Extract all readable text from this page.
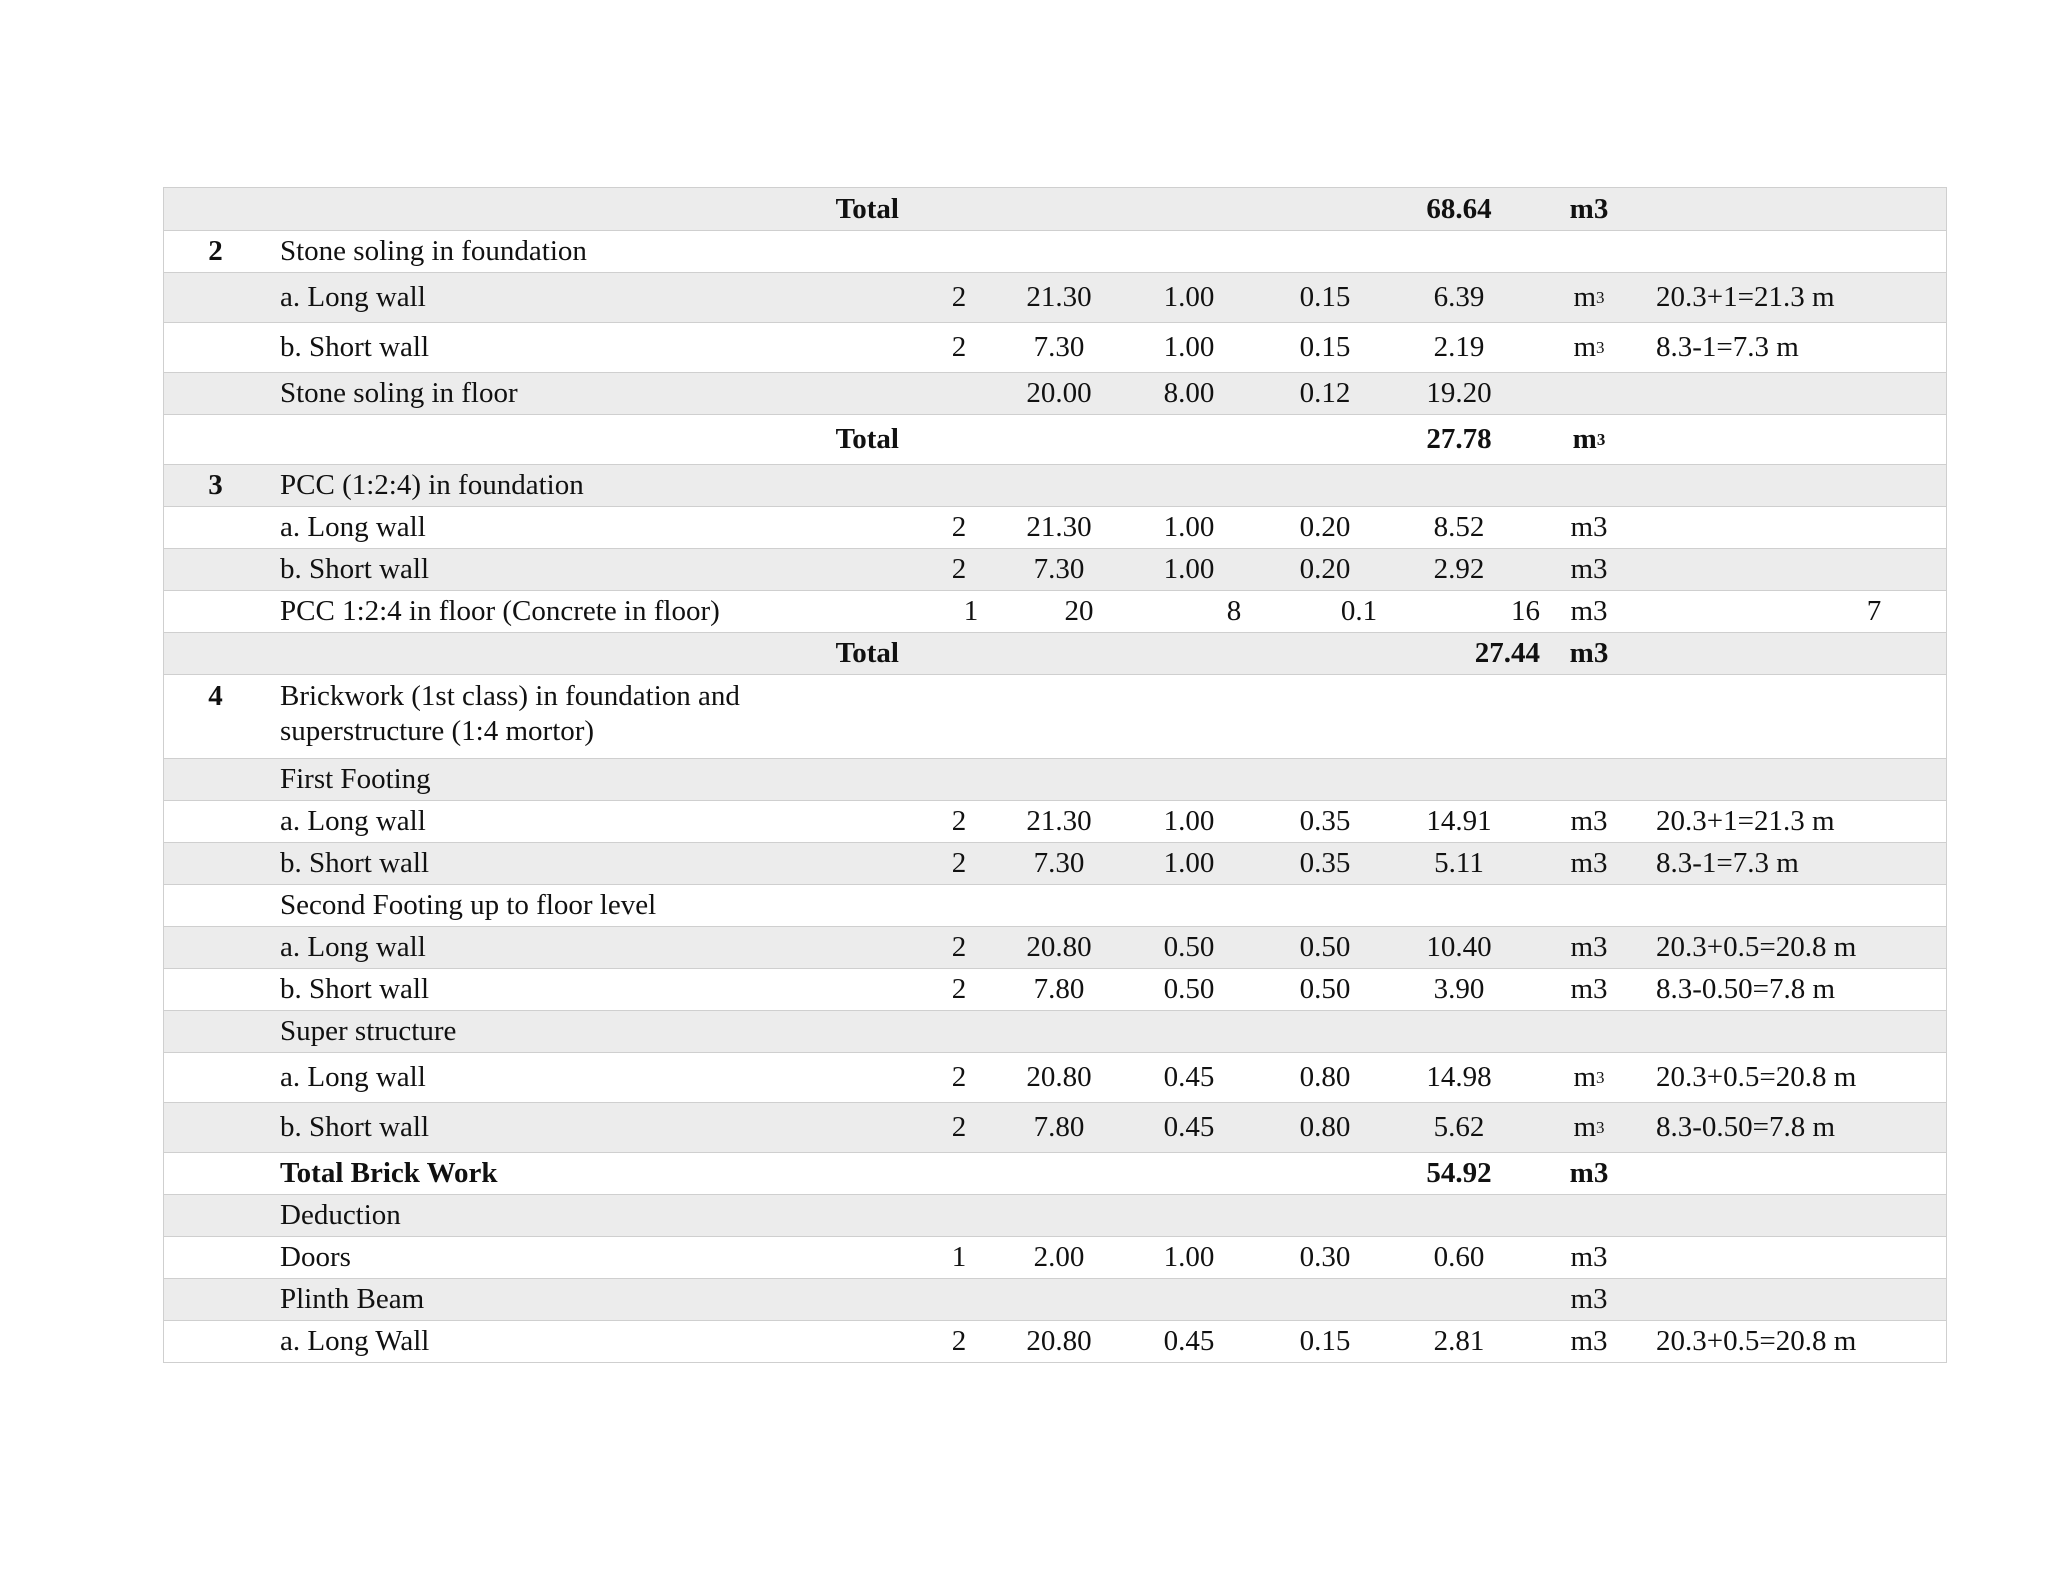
Total	68.64	m3
2	Stone soling in foundation
a. Long wall	2	21.30	1.00	0.15	6.39	m 3 20.3+1=21.3 m
b. Short wall	2	7.30	1.00	0.15	2.19	m 3 8.3-1=7.3 m
Stone soling in floor	20.00	8.00	0.12	19.20
Total	27.78	m 3
3	PCC (1:2:4) in foundation
a. Long wall	2	21.30	1.00	0.20	8.52	m3
b. Short wall	2	7.30	1.00	0.20	2.92	m3
PCC 1:2:4 in floor (Concrete in floor)	1	20	8	0.1	16	m3	7
Total	27.44	m3
4	Brickwork (1st class) in foundation and superstructure (1:4 mortor)
First Footing
a. Long wall	2	21.30	1.00	0.35	14.91	m3	20.3+1=21.3 m
b. Short wall	2	7.30	1.00	0.35	5.11	m3	8.3-1=7.3 m
Second Footing up to floor level
a. Long wall	2	20.80	0.50	0.50	10.40	m3	20.3+0.5=20.8 m
b. Short wall	2	7.80	0.50	0.50	3.90	m3	8.3-0.50=7.8 m
Super structure
a. Long wall	2	20.80	0.45	0.80	14.98	m 3 20.3+0.5=20.8 m
b. Short wall	2	7.80	0.45	0.80	5.62	m 3 8.3-0.50=7.8 m
Total Brick Work	54.92	m3
Deduction
Doors	1	2.00	1.00	0.30	0.60	m3
Plinth Beam	m3
a. Long Wall	2	20.80	0.45	0.15	2.81	m3	20.3+0.5=20.8 m
